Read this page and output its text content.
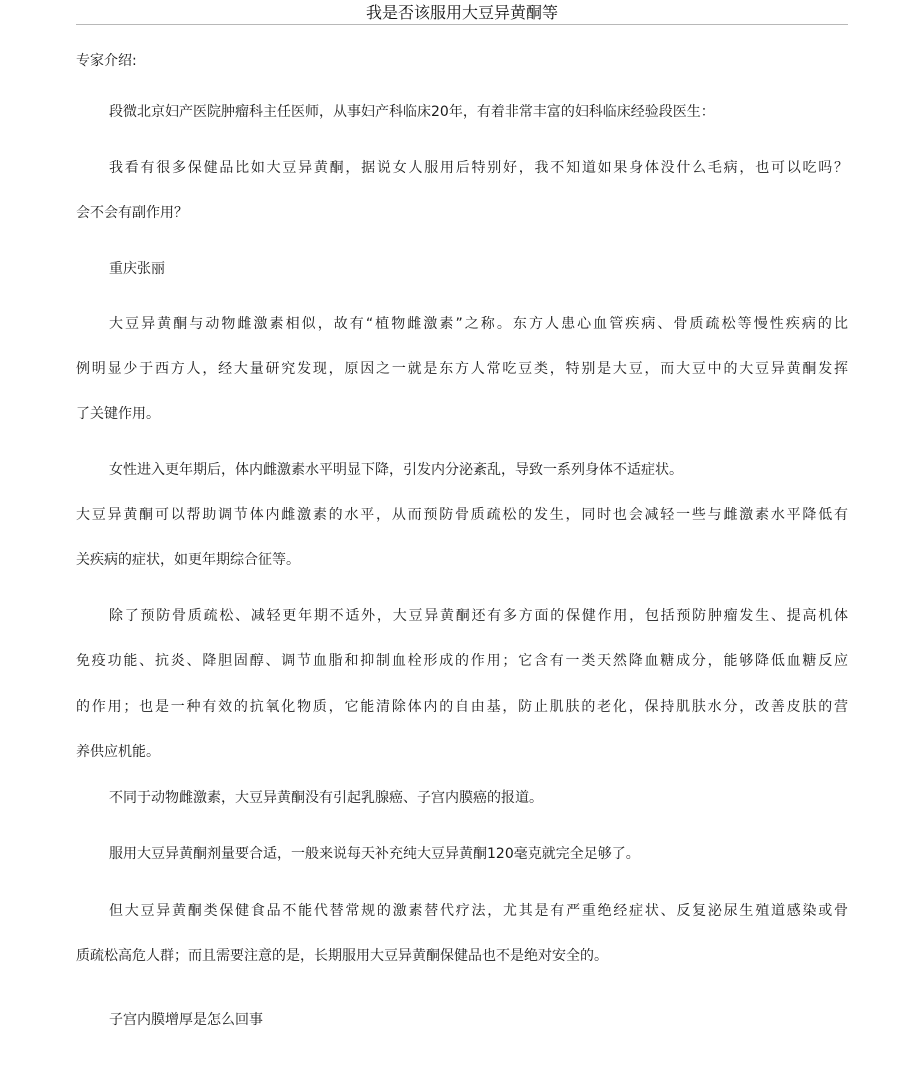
我是否该服用大豆异黄酮等

专家介绍:

段微北京妇产医院肿瘤科主任医师，从事妇产科临床20年，有着非常丰富的妇科临床经验段医生：

我看有很多保健品比如大豆异黄酮，据说女人服用后特别好，我不知道如果身体没什么毛病，也可以吃吗？

会不会有副作用？

重庆张丽

大豆异黄酮与动物雌激素相似，故有“植物雌激素”之称。东方人患心血管疾病、骨质疏松等慢性疾病的比

例明显少于西方人，经大量研究发现，原因之一就是东方人常吃豆类，特别是大豆，而大豆中的大豆异黄酮发挥

了关键作用。

女性进入更年期后，体内雌激素水平明显下降，引发内分泌紊乱，导致一系列身体不适症状。

大豆异黄酮可以帮助调节体内雌激素的水平，从而预防骨质疏松的发生，同时也会减轻一些与雌激素水平降低有

关疾病的症状，如更年期综合征等。

除了预防骨质疏松、减轻更年期不适外，大豆异黄酮还有多方面的保健作用，包括预防肿瘤发生、提高机体

免疫功能、抗炎、降胆固醇、调节血脂和抑制血栓形成的作用；它含有一类天然降血糖成分，能够降低血糖反应

的作用；也是一种有效的抗氧化物质，它能清除体内的自由基，防止肌肤的老化，保持肌肤水分，改善皮肤的营

养供应机能。

不同于动物雌激素，大豆异黄酮没有引起乳腺癌、子宫内膜癌的报道。

服用大豆异黄酮剂量要合适，一般来说每天补充纯大豆异黄酮120毫克就完全足够了。

但大豆异黄酮类保健食品不能代替常规的激素替代疗法，尤其是有严重绝经症状、反复泌尿生殖道感染或骨

质疏松高危人群；而且需要注意的是，长期服用大豆异黄酮保健品也不是绝对安全的。

子宫内膜增厚是怎么回事
